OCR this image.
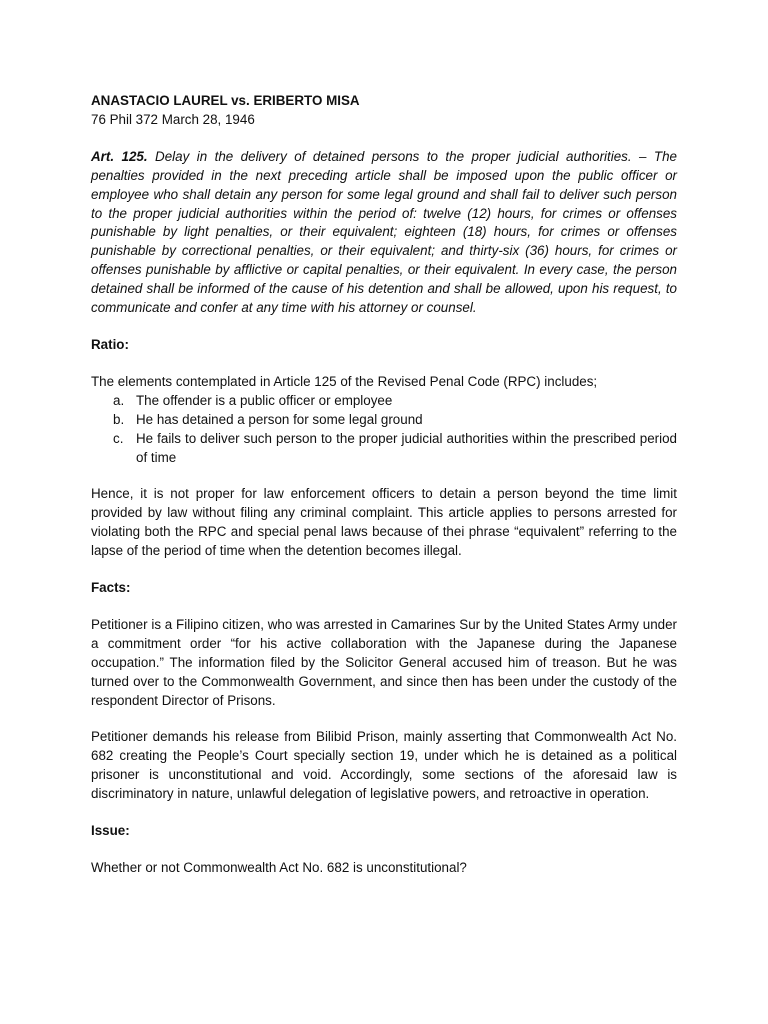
ANASTACIO LAUREL vs. ERIBERTO MISA
76 Phil 372 March 28, 1946
Art. 125. Delay in the delivery of detained persons to the proper judicial authorities. – The penalties provided in the next preceding article shall be imposed upon the public officer or employee who shall detain any person for some legal ground and shall fail to deliver such person to the proper judicial authorities within the period of: twelve (12) hours, for crimes or offenses punishable by light penalties, or their equivalent; eighteen (18) hours, for crimes or offenses punishable by correctional penalties, or their equivalent; and thirty-six (36) hours, for crimes or offenses punishable by afflictive or capital penalties, or their equivalent. In every case, the person detained shall be informed of the cause of his detention and shall be allowed, upon his request, to communicate and confer at any time with his attorney or counsel.
Ratio:
The elements contemplated in Article 125 of the Revised Penal Code (RPC) includes;
a. The offender is a public officer or employee
b. He has detained a person for some legal ground
c. He fails to deliver such person to the proper judicial authorities within the prescribed period of time

Hence, it is not proper for law enforcement officers to detain a person beyond the time limit provided by law without filing any criminal complaint. This article applies to persons arrested for violating both the RPC and special penal laws because of thei phrase “equivalent” referring to the lapse of the period of time when the detention becomes illegal.

Facts:

Petitioner is a Filipino citizen, who was arrested in Camarines Sur by the United States Army under a commitment order “for his active collaboration with the Japanese during the Japanese occupation.” The information filed by the Solicitor General accused him of treason. But he was turned over to the Commonwealth Government, and since then has been under the custody of the respondent Director of Prisons.

Petitioner demands his release from Bilibid Prison, mainly asserting that Commonwealth Act No. 682 creating the People’s Court specially section 19, under which he is detained as a political prisoner is unconstitutional and void. Accordingly, some sections of the aforesaid law is discriminatory in nature, unlawful delegation of legislative powers, and retroactive in operation.

Issue:

Whether or not Commonwealth Act No. 682 is unconstitutional?
